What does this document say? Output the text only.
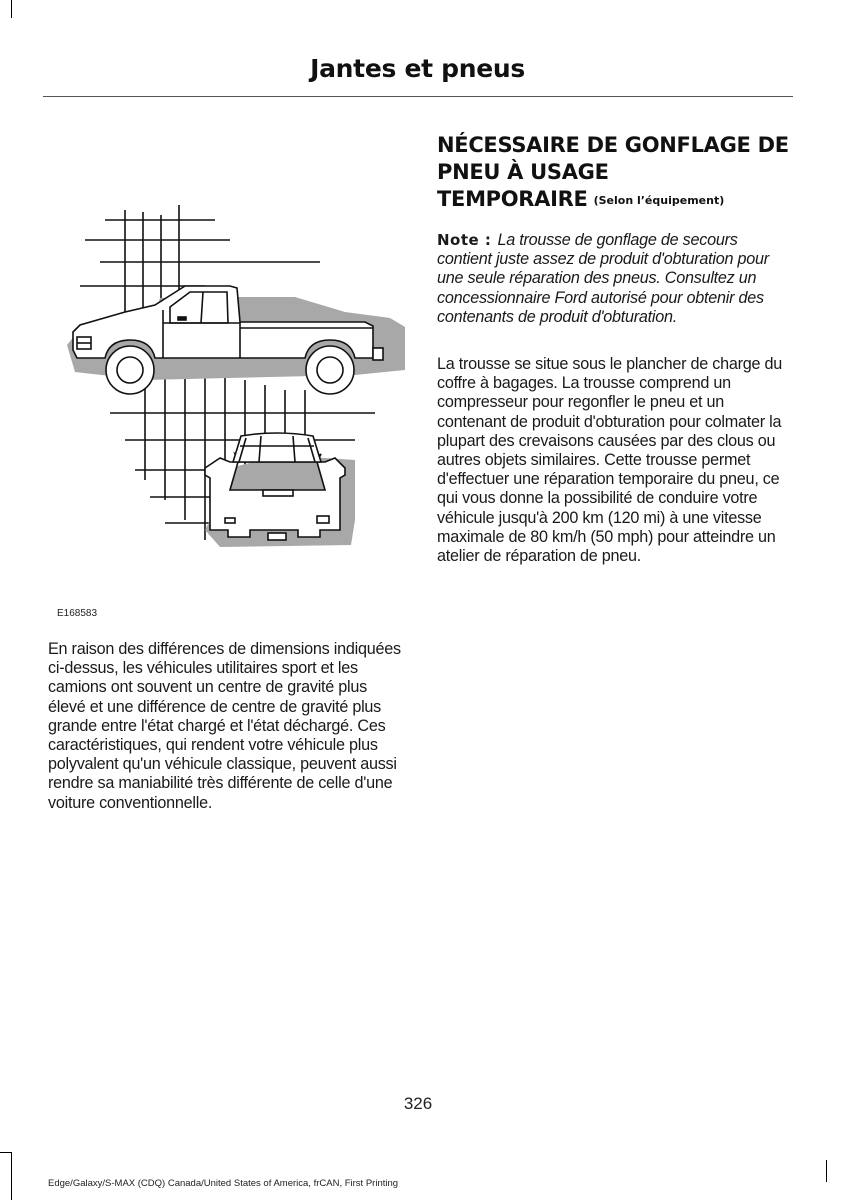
Jantes et pneus
E168583
En raison des différences de dimensions indiquées ci-dessus, les véhicules utilitaires sport et les camions ont souvent un centre de gravité plus élevé et une différence de centre de gravité plus grande entre l'état chargé et l'état déchargé. Ces caractéristiques, qui rendent votre véhicule plus polyvalent qu'un véhicule classique, peuvent aussi rendre sa maniabilité très différente de celle d'une voiture conventionnelle.
NÉCESSAIRE DE GONFLAGE DE PNEU À USAGE TEMPORAIRE (Selon l’équipement)
Note : La trousse de gonflage de secours contient juste assez de produit d'obturation pour une seule réparation des pneus. Consultez un concessionnaire Ford autorisé pour obtenir des contenants de produit d'obturation.
La trousse se situe sous le plancher de charge du coffre à bagages. La trousse comprend un compresseur pour regonfler le pneu et un contenant de produit d'obturation pour colmater la plupart des crevaisons causées par des clous ou autres objets similaires. Cette trousse permet d'effectuer une réparation temporaire du pneu, ce qui vous donne la possibilité de conduire votre véhicule jusqu'à 200 km (120 mi) à une vitesse maximale de 80 km/h (50 mph) pour atteindre un atelier de réparation de pneu.
326
Edge/Galaxy/S-MAX (CDQ) Canada/United States of America, frCAN, First Printing
